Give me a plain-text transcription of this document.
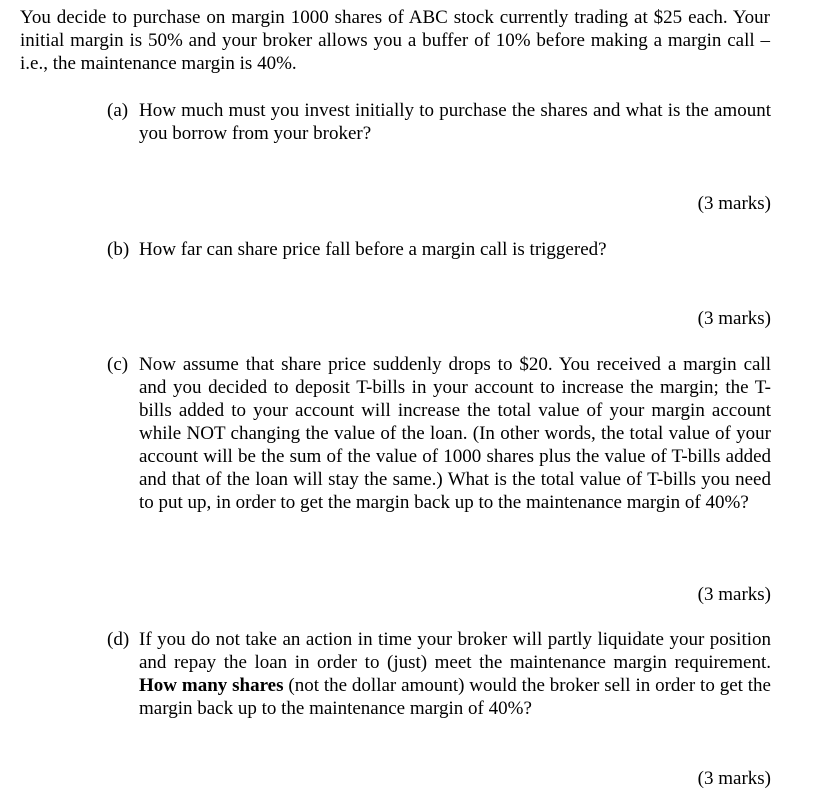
You decide to purchase on margin 1000 shares of ABC stock currently trading at $25 each. Your initial margin is 50% and your broker allows you a buffer of 10% before making a margin call – i.e., the maintenance margin is 40%.

(a) How much must you invest initially to purchase the shares and what is the amount you borrow from your broker?

(3 marks)
(b) How far can share price fall before a margin call is triggered?

(3 marks)
(c) Now assume that share price suddenly drops to $20. You received a margin call and you decided to deposit T-bills in your account to increase the margin; the T-bills added to your account will increase the total value of your margin account while NOT changing the value of the loan. (In other words, the total value of your account will be the sum of the value of 1000 shares plus the value of T-bills added and that of the loan will stay the same.) What is the total value of T-bills you need to put up, in order to get the margin back up to the maintenance margin of 40%?

(3 marks)
(d) If you do not take an action in time your broker will partly liquidate your position and repay the loan in order to (just) meet the maintenance margin requirement. How many shares (not the dollar amount) would the broker sell in order to get the margin back up to the maintenance margin of 40%?

(3 marks)
